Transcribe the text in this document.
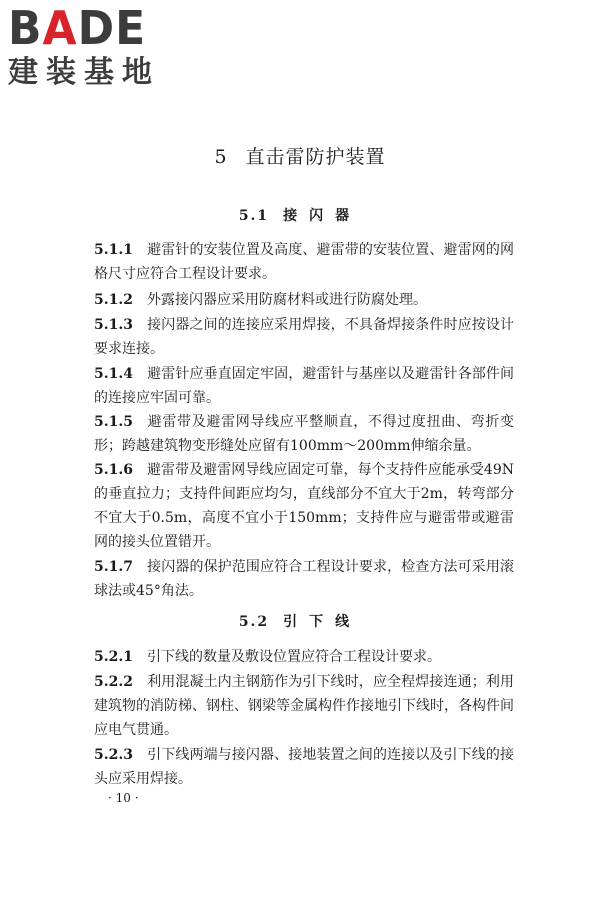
BADE
建装基地
5 直击雷防护装置
5.1 接闪器

5.1.1 避雷针的安装位置及高度、避雷带的安装位置、避雷网的网格尺寸应符合工程设计要求。

5.1.2 外露接闪器应采用防腐材料或进行防腐处理。

5.1.3 接闪器之间的连接应采用焊接，不具备焊接条件时应按设计要求连接。

5.1.4 避雷针应垂直固定牢固，避雷针与基座以及避雷针各部件间的连接应牢固可靠。

5.1.5 避雷带及避雷网导线应平整顺直，不得过度扭曲、弯折变形；跨越建筑物变形缝处应留有100mm～200mm伸缩余量。

5.1.6 避雷带及避雷网导线应固定可靠，每个支持件应能承受49N的垂直拉力；支持件间距应均匀，直线部分不宜大于2m，转弯部分不宜大于0.5m，高度不宜小于150mm；支持件应与避雷带或避雷网的接头位置错开。

5.1.7 接闪器的保护范围应符合工程设计要求，检查方法可采用滚球法或45°角法。

5.2 引下线

5.2.1 引下线的数量及敷设位置应符合工程设计要求。

5.2.2 利用混凝土内主钢筋作为引下线时，应全程焊接连通；利用建筑物的消防梯、钢柱、钢梁等金属构件作接地引下线时，各构件间应电气贯通。

5.2.3 引下线两端与接闪器、接地装置之间的连接以及引下线的接头应采用焊接。

· 10 ·
